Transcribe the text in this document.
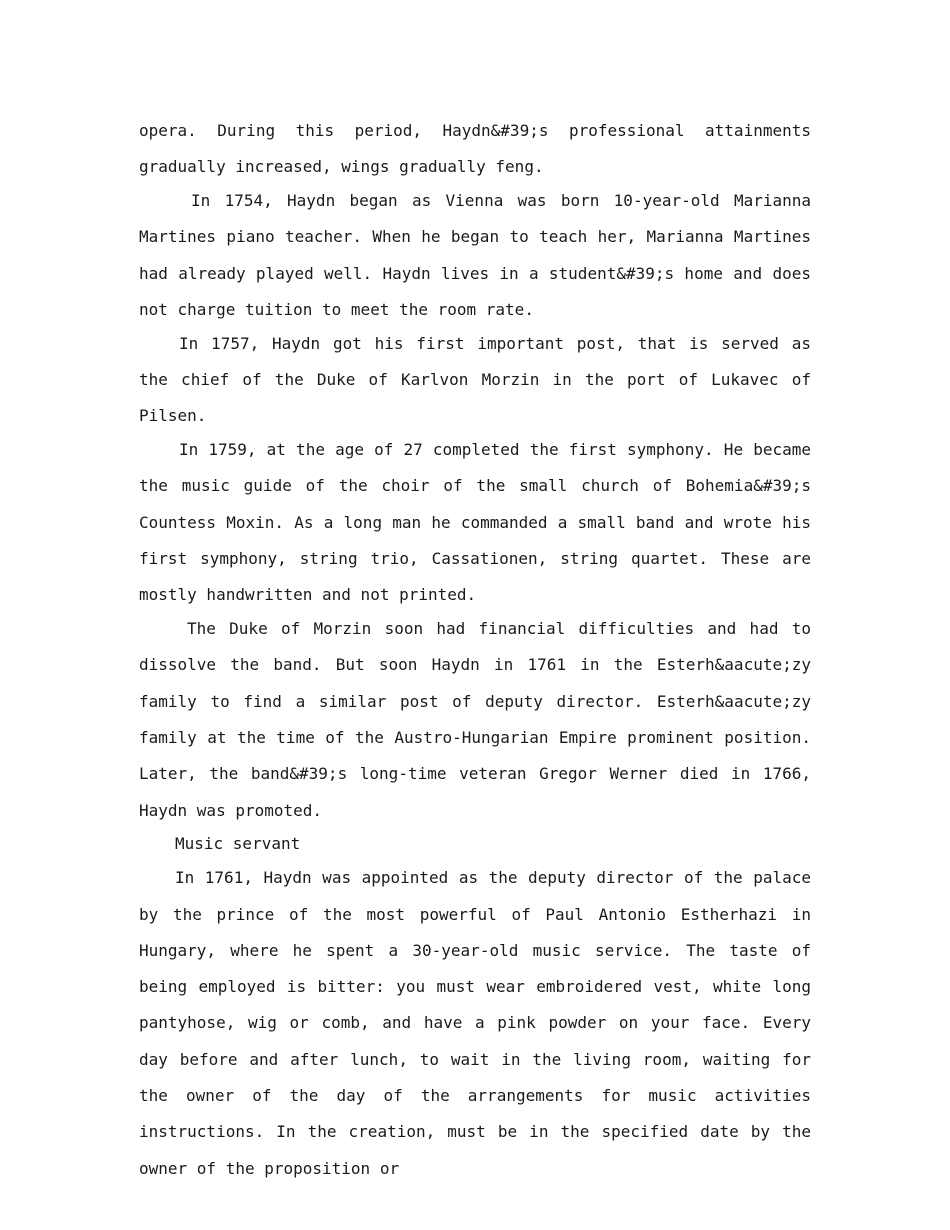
opera. During this period, Haydn&#39;s professional attainments gradually increased, wings gradually feng.

In 1754, Haydn began as Vienna was born 10-year-old Marianna Martines piano teacher. When he began to teach her, Marianna Martines had already played well. Haydn lives in a student&#39;s home and does not charge tuition to meet the room rate.

In 1757, Haydn got his first important post, that is served as the chief of the Duke of Karlvon Morzin in the port of Lukavec of Pilsen.

In 1759, at the age of 27 completed the first symphony. He became the music guide of the choir of the small church of Bohemia&#39;s Countess Moxin. As a long man he commanded a small band and wrote his first symphony, string trio, Cassationen, string quartet. These are mostly handwritten and not printed.

The Duke of Morzin soon had financial difficulties and had to dissolve the band. But soon Haydn in 1761 in the Esterh&aacute;zy family to find a similar post of deputy director. Esterh&aacute;zy family at the time of the Austro-Hungarian Empire prominent position. Later, the band&#39;s long-time veteran Gregor Werner died in 1766, Haydn was promoted.

Music servant

In 1761, Haydn was appointed as the deputy director of the palace by the prince of the most powerful of Paul Antonio Estherhazi in Hungary, where he spent a 30-year-old music service. The taste of being employed is bitter: you must wear embroidered vest, white long pantyhose, wig or comb, and have a pink powder on your face. Every day before and after lunch, to wait in the living room, waiting for the owner of the day of the arrangements for music activities instructions. In the creation, must be in the specified date by the owner of the proposition or
